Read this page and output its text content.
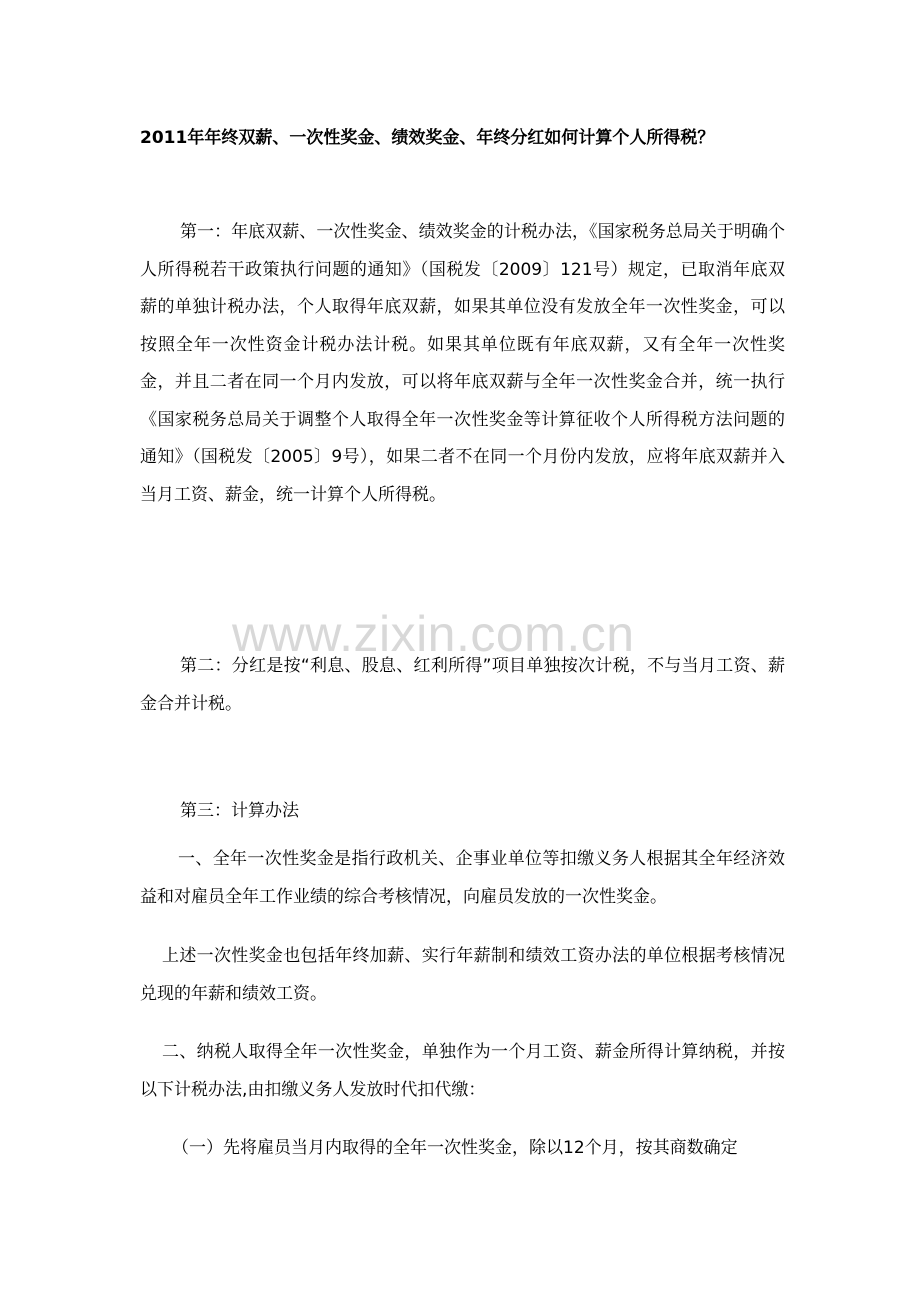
2011年年终双薪、一次性奖金、绩效奖金、年终分红如何计算个人所得税？

第一：年底双薪、一次性奖金、绩效奖金的计税办法，《国家税务总局关于明确个人所得税若干政策执行问题的通知》（国税发〔2009〕121号）规定，已取消年底双薪的单独计税办法，个人取得年底双薪，如果其单位没有发放全年一次性奖金，可以按照全年一次性资金计税办法计税。如果其单位既有年底双薪，又有全年一次性奖金，并且二者在同一个月内发放，可以将年底双薪与全年一次性奖金合并，统一执行《国家税务总局关于调整个人取得全年一次性奖金等计算征收个人所得税方法问题的通知》（国税发〔2005〕9号），如果二者不在同一个月份内发放，应将年底双薪并入当月工资、薪金，统一计算个人所得税。

www.zixin.com.cn

第二：分红是按“利息、股息、红利所得”项目单独按次计税，不与当月工资、薪金合并计税。

第三：计算办法

一、全年一次性奖金是指行政机关、企事业单位等扣缴义务人根据其全年经济效益和对雇员全年工作业绩的综合考核情况，向雇员发放的一次性奖金。

上述一次性奖金也包括年终加薪、实行年薪制和绩效工资办法的单位根据考核情况兑现的年薪和绩效工资。

二、纳税人取得全年一次性奖金，单独作为一个月工资、薪金所得计算纳税，并按以下计税办法,由扣缴义务人发放时代扣代缴：

（一）先将雇员当月内取得的全年一次性奖金，除以12个月，按其商数确定
